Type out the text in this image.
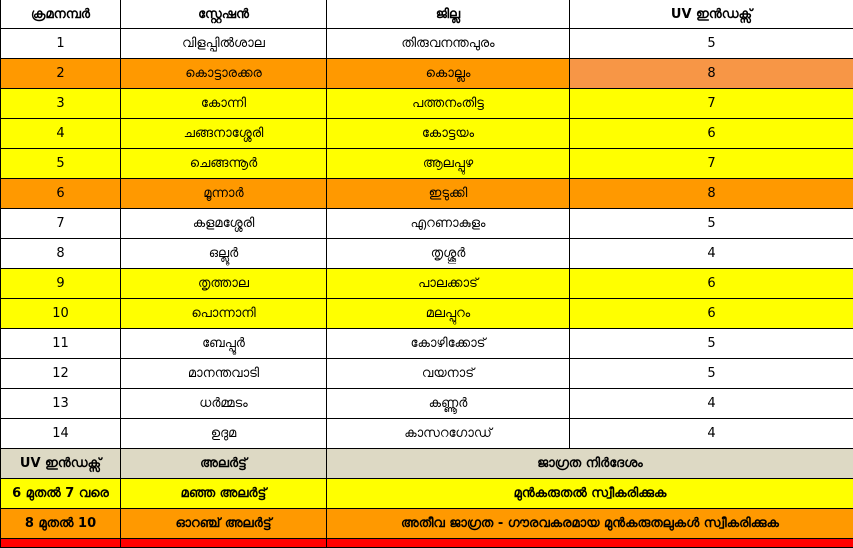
ക്രമനമ്പർ	സ്റ്റേഷൻ	ജില്ല	UV ഇൻഡക്സ്
1	വിളപ്പിൽശാല	തിരുവനന്തപുരം	5
2	കൊട്ടാരക്കര	കൊല്ലം	8
3	കോന്നി	പത്തനംതിട്ട	7
4	ചങ്ങനാശ്ശേരി	കോട്ടയം	6
5	ചെങ്ങന്നൂർ	ആലപ്പുഴ	7
6	മൂന്നാർ	ഇടുക്കി	8
7	കളമശ്ശേരി	എറണാകുളം	5
8	ഒല്ലൂർ	തൃശ്ശൂർ	4
9	തൃത്താല	പാലക്കാട്	6
10	പൊന്നാനി	മലപ്പുറം	6
11	ബേപ്പൂർ	കോഴിക്കോട്	5
12	മാനന്തവാടി	വയനാട്	5
13	ധർമ്മടം	കണ്ണൂർ	4
14	ഉദുമ	കാസറഗോഡ്	4
UV ഇൻഡക്സ്	അലർട്ട്	ജാഗ്രത നിർദേശം	
6 മുതൽ 7 വരെ	മഞ്ഞ അലർട്ട്	മുൻകരുതൽ സ്വീകരിക്കുക	
8 മുതൽ 10	ഓറഞ്ച് അലർട്ട്	അതീവ ജാഗ്രത - ഗൗരവകരമായ മുൻകരുതലുകൾ സ്വീകരിക്കുക	
